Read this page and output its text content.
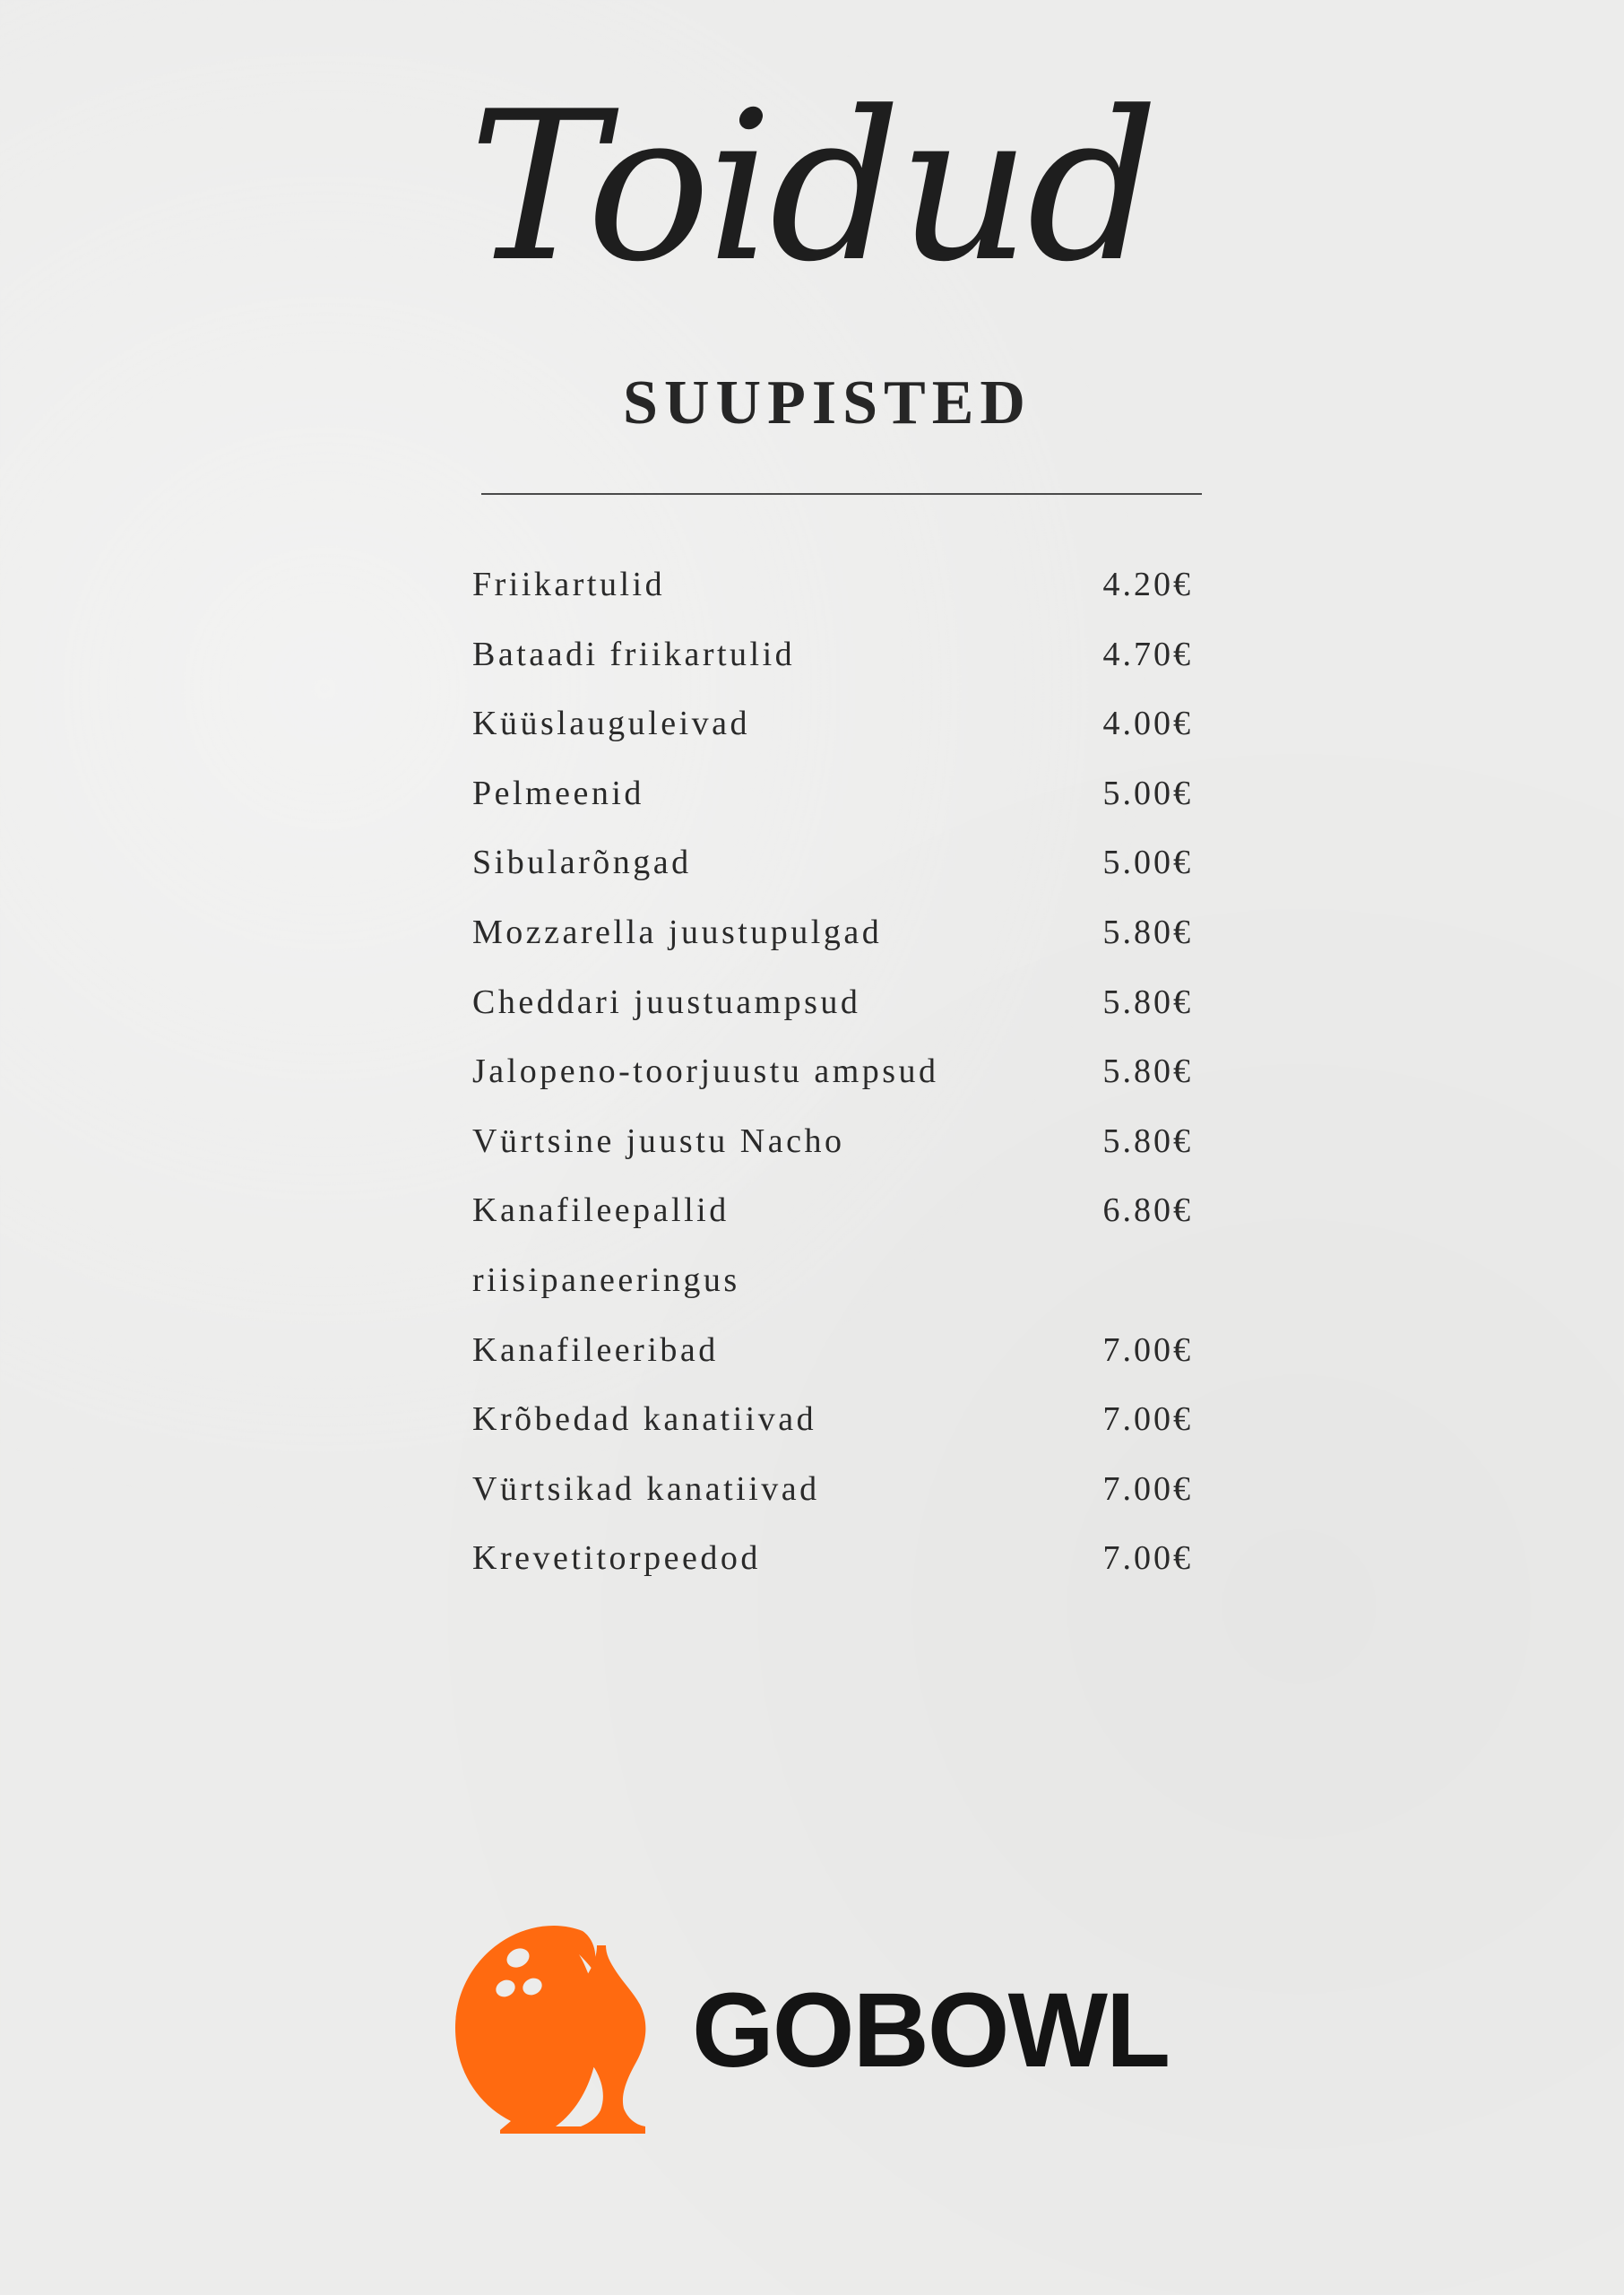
Toidud
SUUPISTED
Friikartulid	4.20€
Bataadi friikartulid	4.70€
Küüslauguleivad	4.00€
Pelmeenid	5.00€
Sibularõngad	5.00€
Mozzarella juustupulgad	5.80€
Cheddari juustuampsud	5.80€
Jalopeno-toorjuustu ampsud	5.80€
Vürtsine juustu Nacho	5.80€
Kanafileepallid	6.80€
riisipaneeringus
Kanafileeribad	7.00€
Krõbedad kanatiivad	7.00€
Vürtsikad kanatiivad	7.00€
Krevetitorpeedod	7.00€
GOBOWL
